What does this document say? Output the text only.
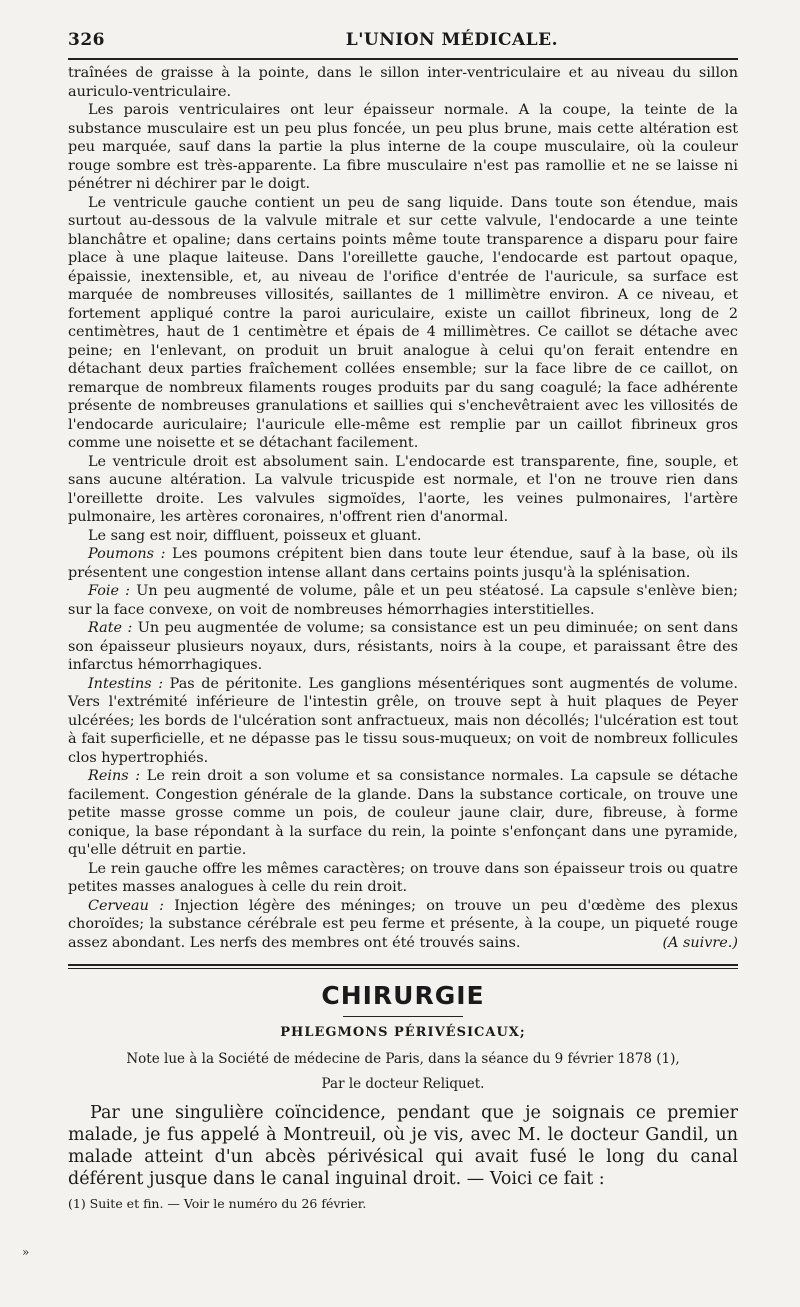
326	L'UNION MÉDICALE.

traînées de graisse à la pointe, dans le sillon inter-ventriculaire et au niveau du sillon auriculo-ventriculaire.

Les parois ventriculaires ont leur épaisseur normale. A la coupe, la teinte de la substance musculaire est un peu plus foncée, un peu plus brune, mais cette altération est peu marquée, sauf dans la partie la plus interne de la coupe musculaire, où la couleur rouge sombre est très-apparente. La fibre musculaire n'est pas ramollie et ne se laisse ni pénétrer ni déchirer par le doigt.

Le ventricule gauche contient un peu de sang liquide. Dans toute son étendue, mais surtout au-dessous de la valvule mitrale et sur cette valvule, l'endocarde a une teinte blanchâtre et opaline; dans certains points même toute transparence a disparu pour faire place à une plaque laiteuse. Dans l'oreillette gauche, l'endocarde est partout opaque, épaissie, inextensible, et, au niveau de l'orifice d'entrée de l'auricule, sa surface est marquée de nombreuses villosités, saillantes de 1 millimètre environ. A ce niveau, et fortement appliqué contre la paroi auriculaire, existe un caillot fibrineux, long de 2 centimètres, haut de 1 centimètre et épais de 4 millimètres. Ce caillot se détache avec peine; en l'enlevant, on produit un bruit analogue à celui qu'on ferait entendre en détachant deux parties fraîchement collées ensemble; sur la face libre de ce caillot, on remarque de nombreux filaments rouges produits par du sang coagulé; la face adhérente présente de nombreuses granulations et saillies qui s'enchevêtraient avec les villosités de l'endocarde auriculaire; l'auricule elle-même est remplie par un caillot fibrineux gros comme une noisette et se détachant facilement.

Le ventricule droit est absolument sain. L'endocarde est transparente, fine, souple, et sans aucune altération. La valvule tricuspide est normale, et l'on ne trouve rien dans l'oreillette droite. Les valvules sigmoïdes, l'aorte, les veines pulmonaires, l'artère pulmonaire, les artères coronaires, n'offrent rien d'anormal.

Le sang est noir, diffluent, poisseux et gluant.

Poumons : Les poumons crépitent bien dans toute leur étendue, sauf à la base, où ils présentent une congestion intense allant dans certains points jusqu'à la splénisation.

Foie : Un peu augmenté de volume, pâle et un peu stéatosé. La capsule s'enlève bien; sur la face convexe, on voit de nombreuses hémorrhagies interstitielles.

Rate : Un peu augmentée de volume; sa consistance est un peu diminuée; on sent dans son épaisseur plusieurs noyaux, durs, résistants, noirs à la coupe, et paraissant être des infarctus hémorrhagiques.

Intestins : Pas de péritonite. Les ganglions mésentériques sont augmentés de volume. Vers l'extrémité inférieure de l'intestin grêle, on trouve sept à huit plaques de Peyer ulcérées; les bords de l'ulcération sont anfractueux, mais non décollés; l'ulcération est tout à fait superficielle, et ne dépasse pas le tissu sous-muqueux; on voit de nombreux follicules clos hypertrophiés.

Reins : Le rein droit a son volume et sa consistance normales. La capsule se détache facilement. Congestion générale de la glande. Dans la substance corticale, on trouve une petite masse grosse comme un pois, de couleur jaune clair, dure, fibreuse, à forme conique, la base répondant à la surface du rein, la pointe s'enfonçant dans une pyramide, qu'elle détruit en partie.

Le rein gauche offre les mêmes caractères; on trouve dans son épaisseur trois ou quatre petites masses analogues à celle du rein droit.

Cerveau : Injection légère des méninges; on trouve un peu d'œdème des plexus choroïdes; la substance cérébrale est peu ferme et présente, à la coupe, un piqueté rouge assez abondant. Les nerfs des membres ont été trouvés sains.	(A suivre.)

CHIRURGIE
PHLEGMONS PÉRIVÉSICAUX;
Note lue à la Société de médecine de Paris, dans la séance du 9 février 1878 (1),
Par le docteur Reliquet.

Par une singulière coïncidence, pendant que je soignais ce premier malade, je fus appelé à Montreuil, où je vis, avec M. le docteur Gandil, un malade atteint d'un abcès périvésical qui avait fusé le long du canal déférent jusque dans le canal inguinal droit. — Voici ce fait :

(1) Suite et fin. — Voir le numéro du 26 février.
»
